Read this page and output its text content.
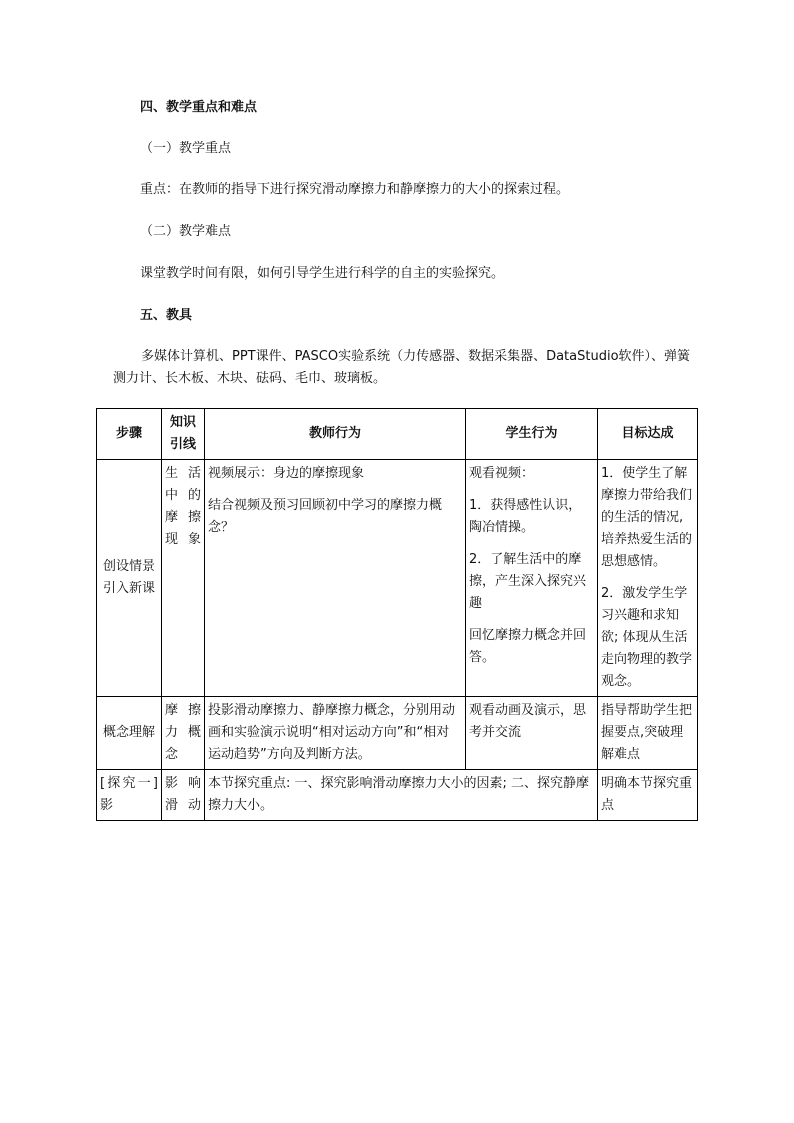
四、教学重点和难点
（一）教学重点
重点：在教师的指导下进行探究滑动摩擦力和静摩擦力的大小的探索过程。
（二）教学难点
课堂教学时间有限，如何引导学生进行科学的自主的实验探究。
五、教具
多媒体计算机、PPT课件、PASCO实验系统（力传感器、数据采集器、DataStudio软件）、弹簧测力计、长木板、木块、砝码、毛巾、玻璃板。
步骤	知识引线	教师行为	学生行为	目标达成
创设情景引入新课	生活中的摩擦现象	视频展示：身边的摩擦现象
结合视频及预习回顾初中学习的摩擦力概念？	观看视频：
1．获得感性认识，陶冶情操。
2．了解生活中的摩擦，产生深入探究兴趣
回忆摩擦力概念并回答。	1．使学生了解摩擦力带给我们的生活的情况,培养热爱生活的思想感情。
2．激发学生学习兴趣和求知欲; 体现从生活走向物理的教学观念。
概念理解	摩擦力概念	投影滑动摩擦力、静摩擦力概念，分别用动画和实验演示说明“相对运动方向”和“相对运动趋势”方向及判断方法。	观看动画及演示，思考并交流	指导帮助学生把握要点,突破理解难点
[探究一] 影	影响滑动	本节探究重点: 一、探究影响滑动摩擦力大小的因素; 二、探究静摩擦力大小。		明确本节探究重点
